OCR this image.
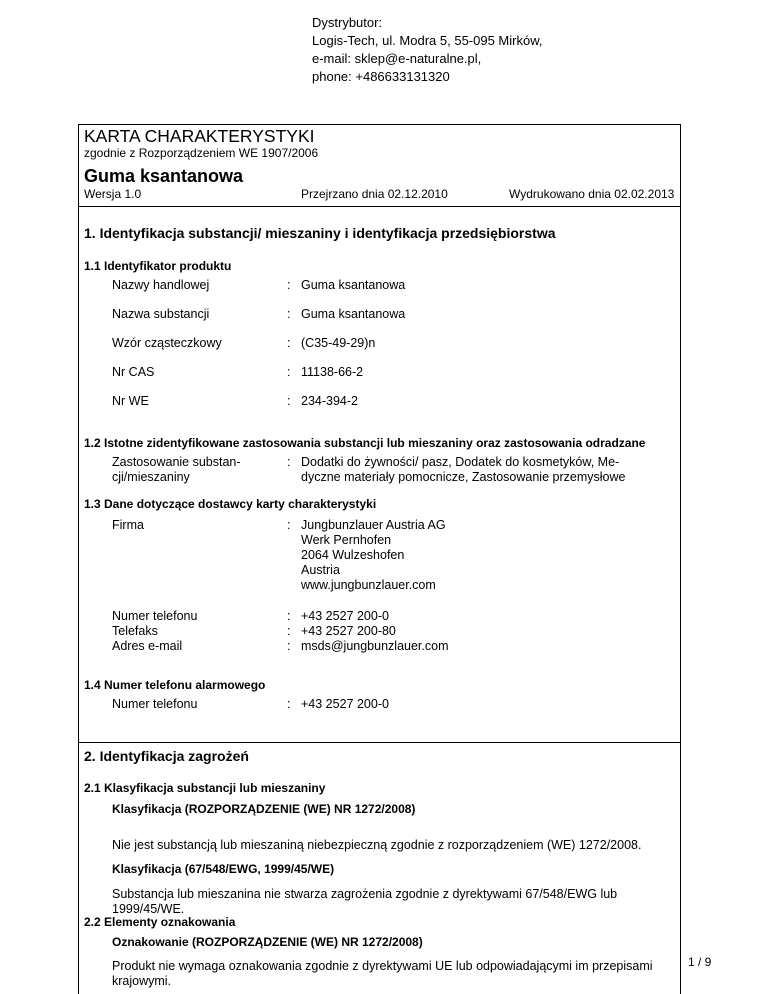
Dystrybutor:
Logis-Tech, ul. Modra 5, 55-095 Mirków,
e-mail: sklep@e-naturalne.pl,
phone: +486633131320
KARTA CHARAKTERYSTYKI
zgodnie z Rozporządzeniem WE 1907/2006
Guma ksantanowa
Wersja 1.0	Przejrzano dnia 02.12.2010	Wydrukowano dnia 02.02.2013
1. Identyfikacja substancji/ mieszaniny i identyfikacja przedsiębiorstwa
1.1 Identyfikator produktu
Nazwy handlowej	: Guma ksantanowa
Nazwa substancji	: Guma ksantanowa
Wzór cząsteczkowy	: (C35-49-29)n
Nr CAS	: 11138-66-2
Nr WE	: 234-394-2
1.2 Istotne zidentyfikowane zastosowania substancji lub mieszaniny oraz zastosowania odradzane
Zastosowanie substan-
cji/mieszaniny
: Dodatki do żywności/ pasz, Dodatek do kosmetyków, Me-
dyczne materiały pomocnicze, Zastosowanie przemysłowe
1.3 Dane dotyczące dostawcy karty charakterystyki
Firma	: Jungbunzlauer Austria AG
Werk Pernhofen
2064 Wulzeshofen
Austria
www.jungbunzlauer.com
Numer telefonu	: +43 2527 200-0
Telefaks	: +43 2527 200-80
Adres e-mail	: msds@jungbunzlauer.com
1.4 Numer telefonu alarmowego
Numer telefonu	: +43 2527 200-0
2. Identyfikacja zagrożeń
2.1 Klasyfikacja substancji lub mieszaniny
Klasyfikacja (ROZPORZĄDZENIE (WE) NR 1272/2008)
Nie jest substancją lub mieszaniną niebezpieczną zgodnie z rozporządzeniem (WE) 1272/2008.
Klasyfikacja (67/548/EWG, 1999/45/WE)
Substancja lub mieszanina nie stwarza zagrożenia zgodnie z dyrektywami 67/548/EWG lub
1999/45/WE.
2.2 Elementy oznakowania
Oznakowanie (ROZPORZĄDZENIE (WE) NR 1272/2008)
Produkt nie wymaga oznakowania zgodnie z dyrektywami UE lub odpowiadającymi im przepisami
krajowymi.
1 / 9
